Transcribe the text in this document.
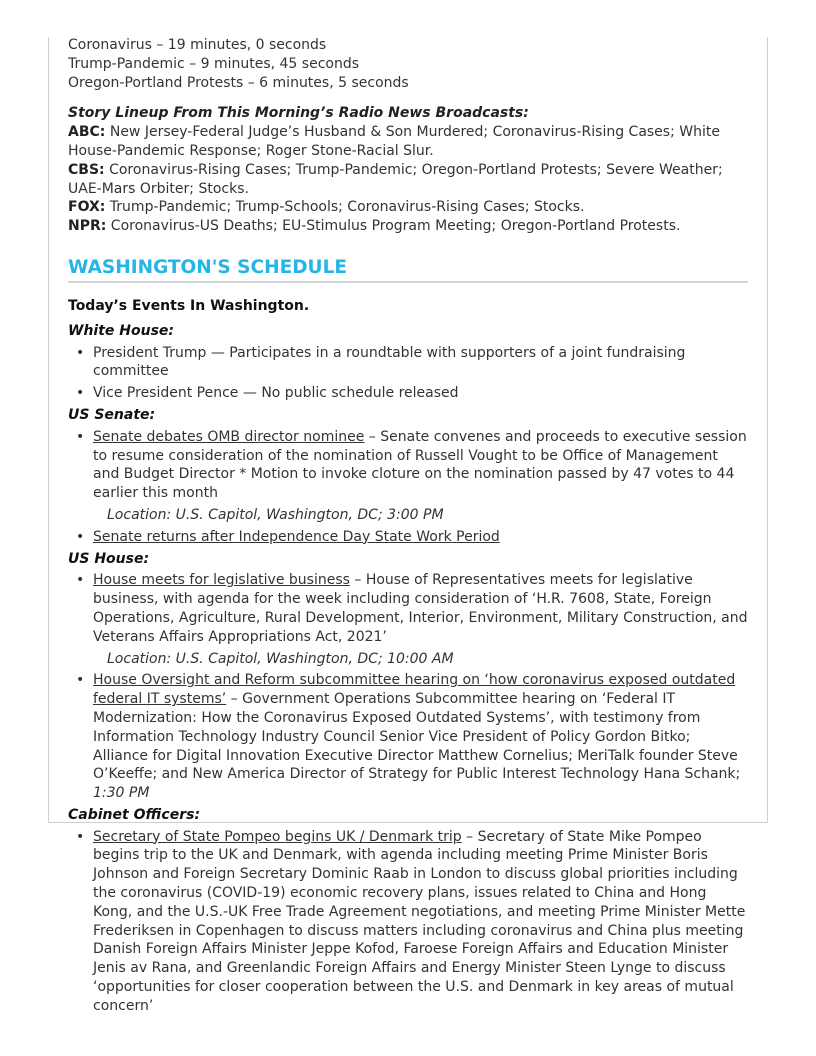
Coronavirus – 19 minutes, 0 seconds
Trump-Pandemic – 9 minutes, 45 seconds
Oregon-Portland Protests – 6 minutes, 5 seconds
Story Lineup From This Morning’s Radio News Broadcasts:
ABC: New Jersey-Federal Judge’s Husband & Son Murdered; Coronavirus-Rising Cases; White House-Pandemic Response; Roger Stone-Racial Slur.
CBS: Coronavirus-Rising Cases; Trump-Pandemic; Oregon-Portland Protests; Severe Weather; UAE-Mars Orbiter; Stocks.
FOX: Trump-Pandemic; Trump-Schools; Coronavirus-Rising Cases; Stocks.
NPR: Coronavirus-US Deaths; EU-Stimulus Program Meeting; Oregon-Portland Protests.
WASHINGTON'S SCHEDULE
Today’s Events In Washington.
White House:
• President Trump — Participates in a roundtable with supporters of a joint fundraising committee
• Vice President Pence — No public schedule released
US Senate:
• Senate debates OMB director nominee – Senate convenes and proceeds to executive session to resume consideration of the nomination of Russell Vought to be Office of Management and Budget Director * Motion to invoke cloture on the nomination passed by 47 votes to 44 earlier this month
Location: U.S. Capitol, Washington, DC; 3:00 PM
• Senate returns after Independence Day State Work Period
US House:
• House meets for legislative business – House of Representatives meets for legislative business, with agenda for the week including consideration of ‘H.R. 7608, State, Foreign Operations, Agriculture, Rural Development, Interior, Environment, Military Construction, and Veterans Affairs Appropriations Act, 2021’
Location: U.S. Capitol, Washington, DC; 10:00 AM
• House Oversight and Reform subcommittee hearing on ‘how coronavirus exposed outdated federal IT systems’ – Government Operations Subcommittee hearing on ‘Federal IT Modernization: How the Coronavirus Exposed Outdated Systems’, with testimony from Information Technology Industry Council Senior Vice President of Policy Gordon Bitko; Alliance for Digital Innovation Executive Director Matthew Cornelius; MeriTalk founder Steve O’Keeffe; and New America Director of Strategy for Public Interest Technology Hana Schank; 1:30 PM
Cabinet Officers:
• Secretary of State Pompeo begins UK / Denmark trip – Secretary of State Mike Pompeo begins trip to the UK and Denmark, with agenda including meeting Prime Minister Boris Johnson and Foreign Secretary Dominic Raab in London to discuss global priorities including the coronavirus (COVID-19) economic recovery plans, issues related to China and Hong Kong, and the U.S.-UK Free Trade Agreement negotiations, and meeting Prime Minister Mette Frederiksen in Copenhagen to discuss matters including coronavirus and China plus meeting Danish Foreign Affairs Minister Jeppe Kofod, Faroese Foreign Affairs and Education Minister Jenis av Rana, and Greenlandic Foreign Affairs and Energy Minister Steen Lynge to discuss ‘opportunities for closer cooperation between the U.S. and Denmark in key areas of mutual concern’
